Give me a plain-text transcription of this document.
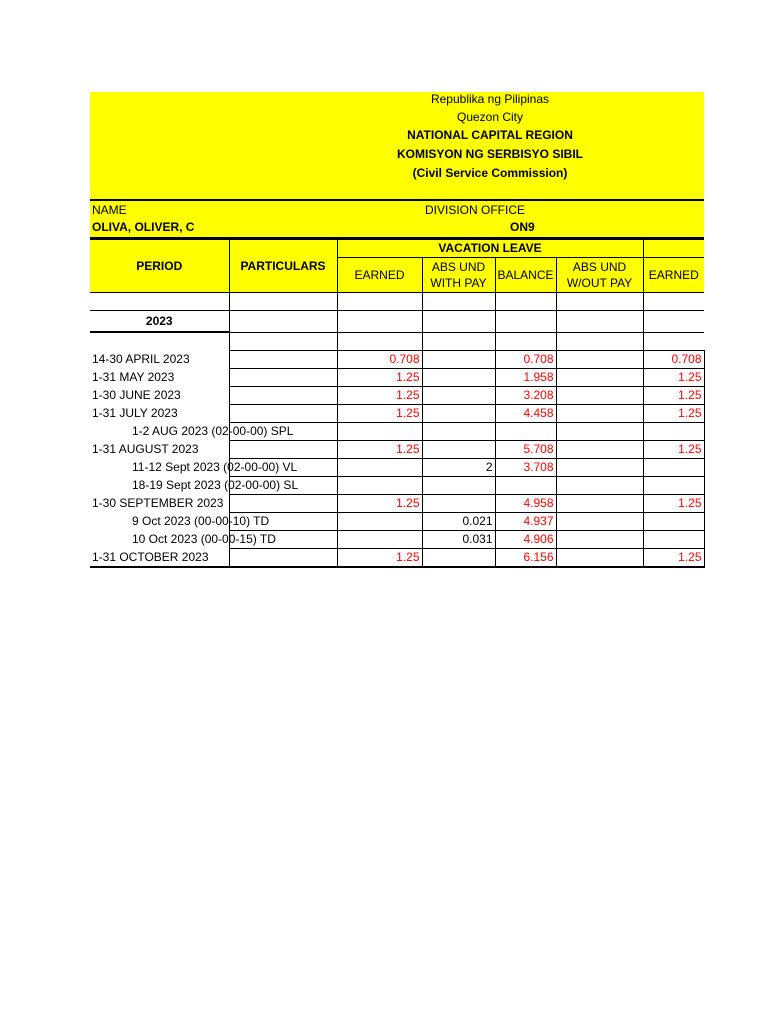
Republika ng Pilipinas
Quezon City
NATIONAL CAPITAL REGION
KOMISYON NG SERBISYO SIBIL
(Civil Service Commission)
NAME
OLIVA, OLIVER, C
DIVISION OFFICE
ON9
PERIOD	PARTICULARS	VACATION LEAVE				
		EARNED	ABS UND
WITH PAY	BALANCE	ABS UND
W/OUT PAY	EARNED

2023						

14-30 APRIL 2023		0.708		0.708		0.708
1-31 MAY 2023		1.25		1.958		1.25
1-30 JUNE 2023		1.25		3.208		1.25
1-31 JULY 2023		1.25		4.458		1.25
1-2 AUG 2023 (02-00-00) SPL						
1-31 AUGUST 2023		1.25		5.708		1.25
11-12 Sept 2023 (02-00-00) VL			2	3.708		
18-19 Sept 2023 (02-00-00) SL						
1-30 SEPTEMBER 2023		1.25		4.958		1.25
9 Oct 2023 (00-00-10) TD			0.021	4.937		
10 Oct 2023 (00-00-15) TD			0.031	4.906		
1-31 OCTOBER 2023		1.25		6.156		1.25
